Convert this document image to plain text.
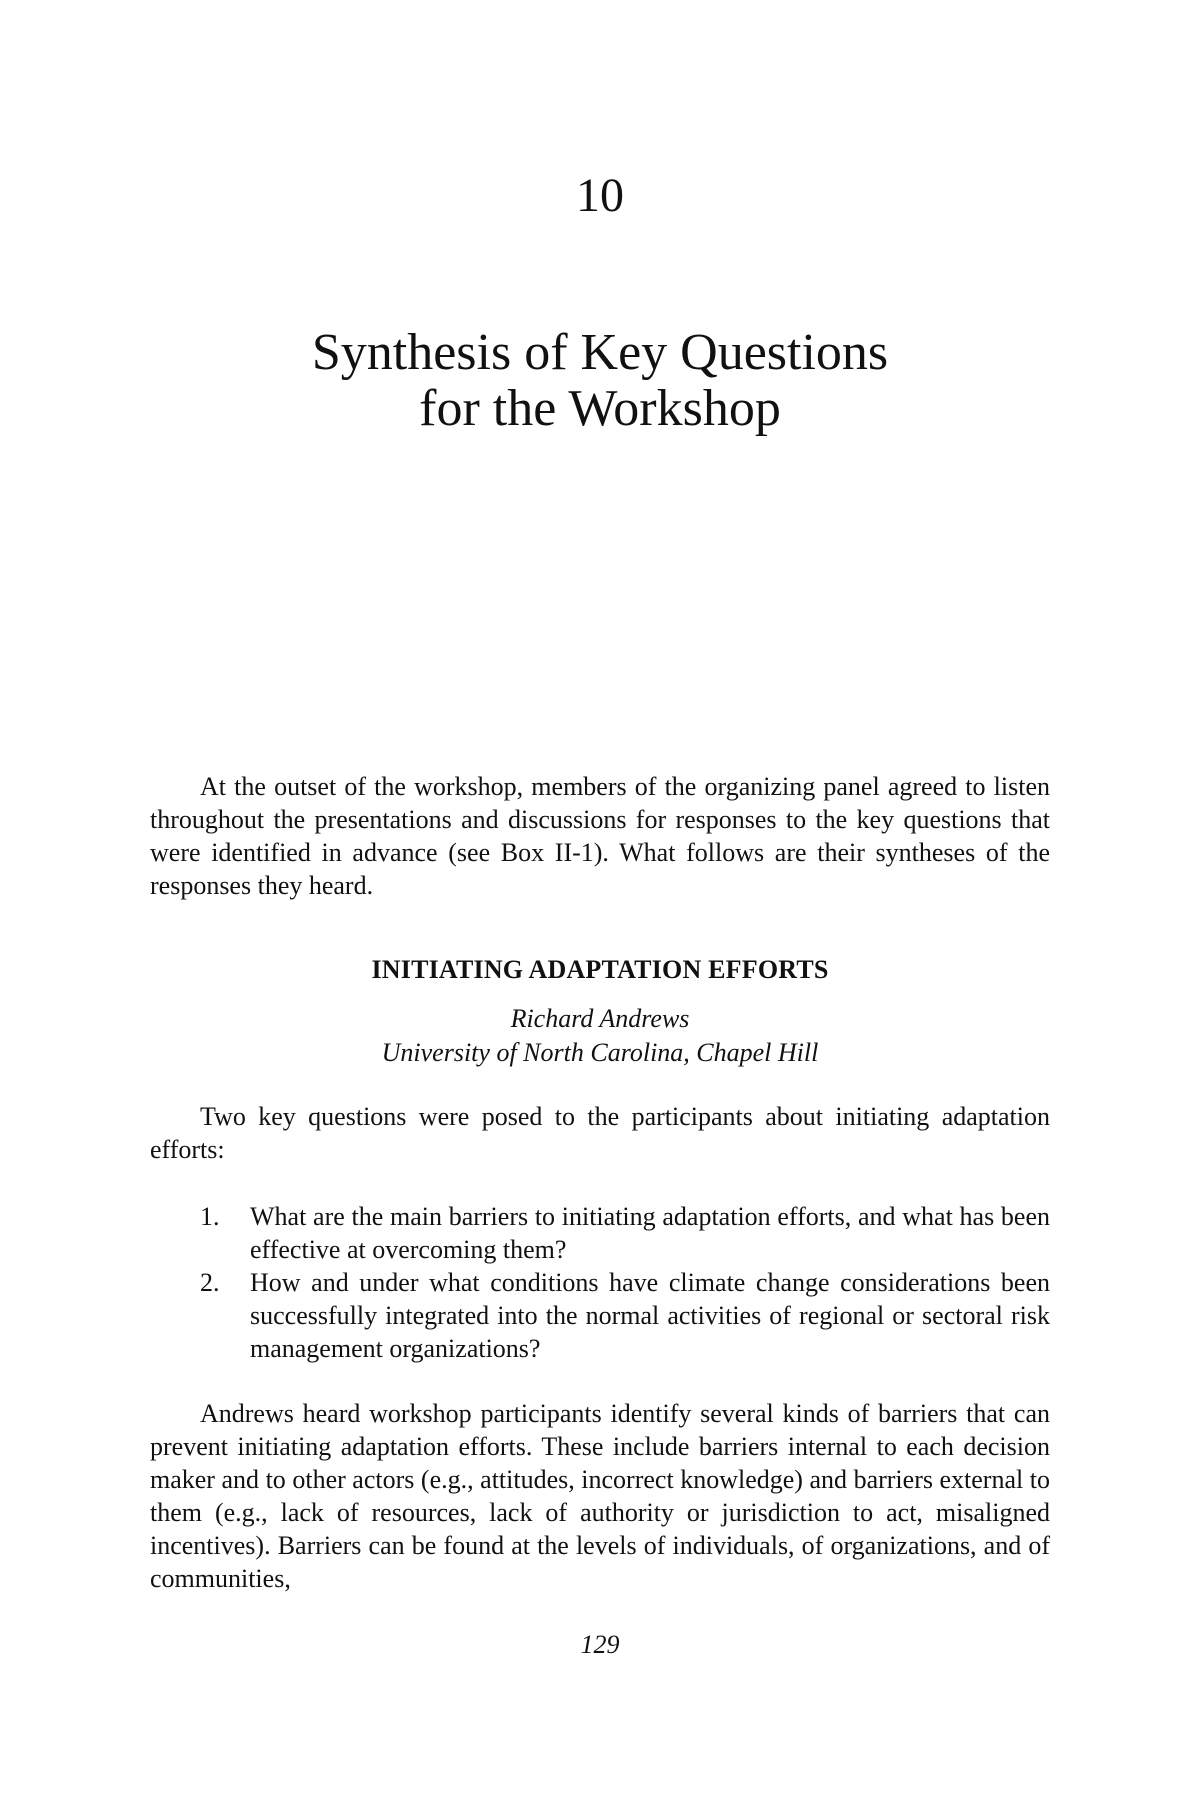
10
Synthesis of Key Questions
for the Workshop

At the outset of the workshop, members of the organizing panel agreed to listen throughout the presentations and discussions for responses to the key questions that were identified in advance (see Box II-1). What follows are their syntheses of the responses they heard.

INITIATING ADAPTATION EFFORTS
Richard Andrews
University of North Carolina, Chapel Hill

Two key questions were posed to the participants about initiating adaptation efforts:

1. What are the main barriers to initiating adaptation efforts, and what has been effective at overcoming them?
2. How and under what conditions have climate change considerations been successfully integrated into the normal activities of regional or sectoral risk management organizations?

Andrews heard workshop participants identify several kinds of barriers that can prevent initiating adaptation efforts. These include barriers internal to each decision maker and to other actors (e.g., attitudes, incorrect knowledge) and barriers external to them (e.g., lack of resources, lack of authority or jurisdiction to act, misaligned incentives). Barriers can be found at the levels of individuals, of organizations, and of communities,

129
